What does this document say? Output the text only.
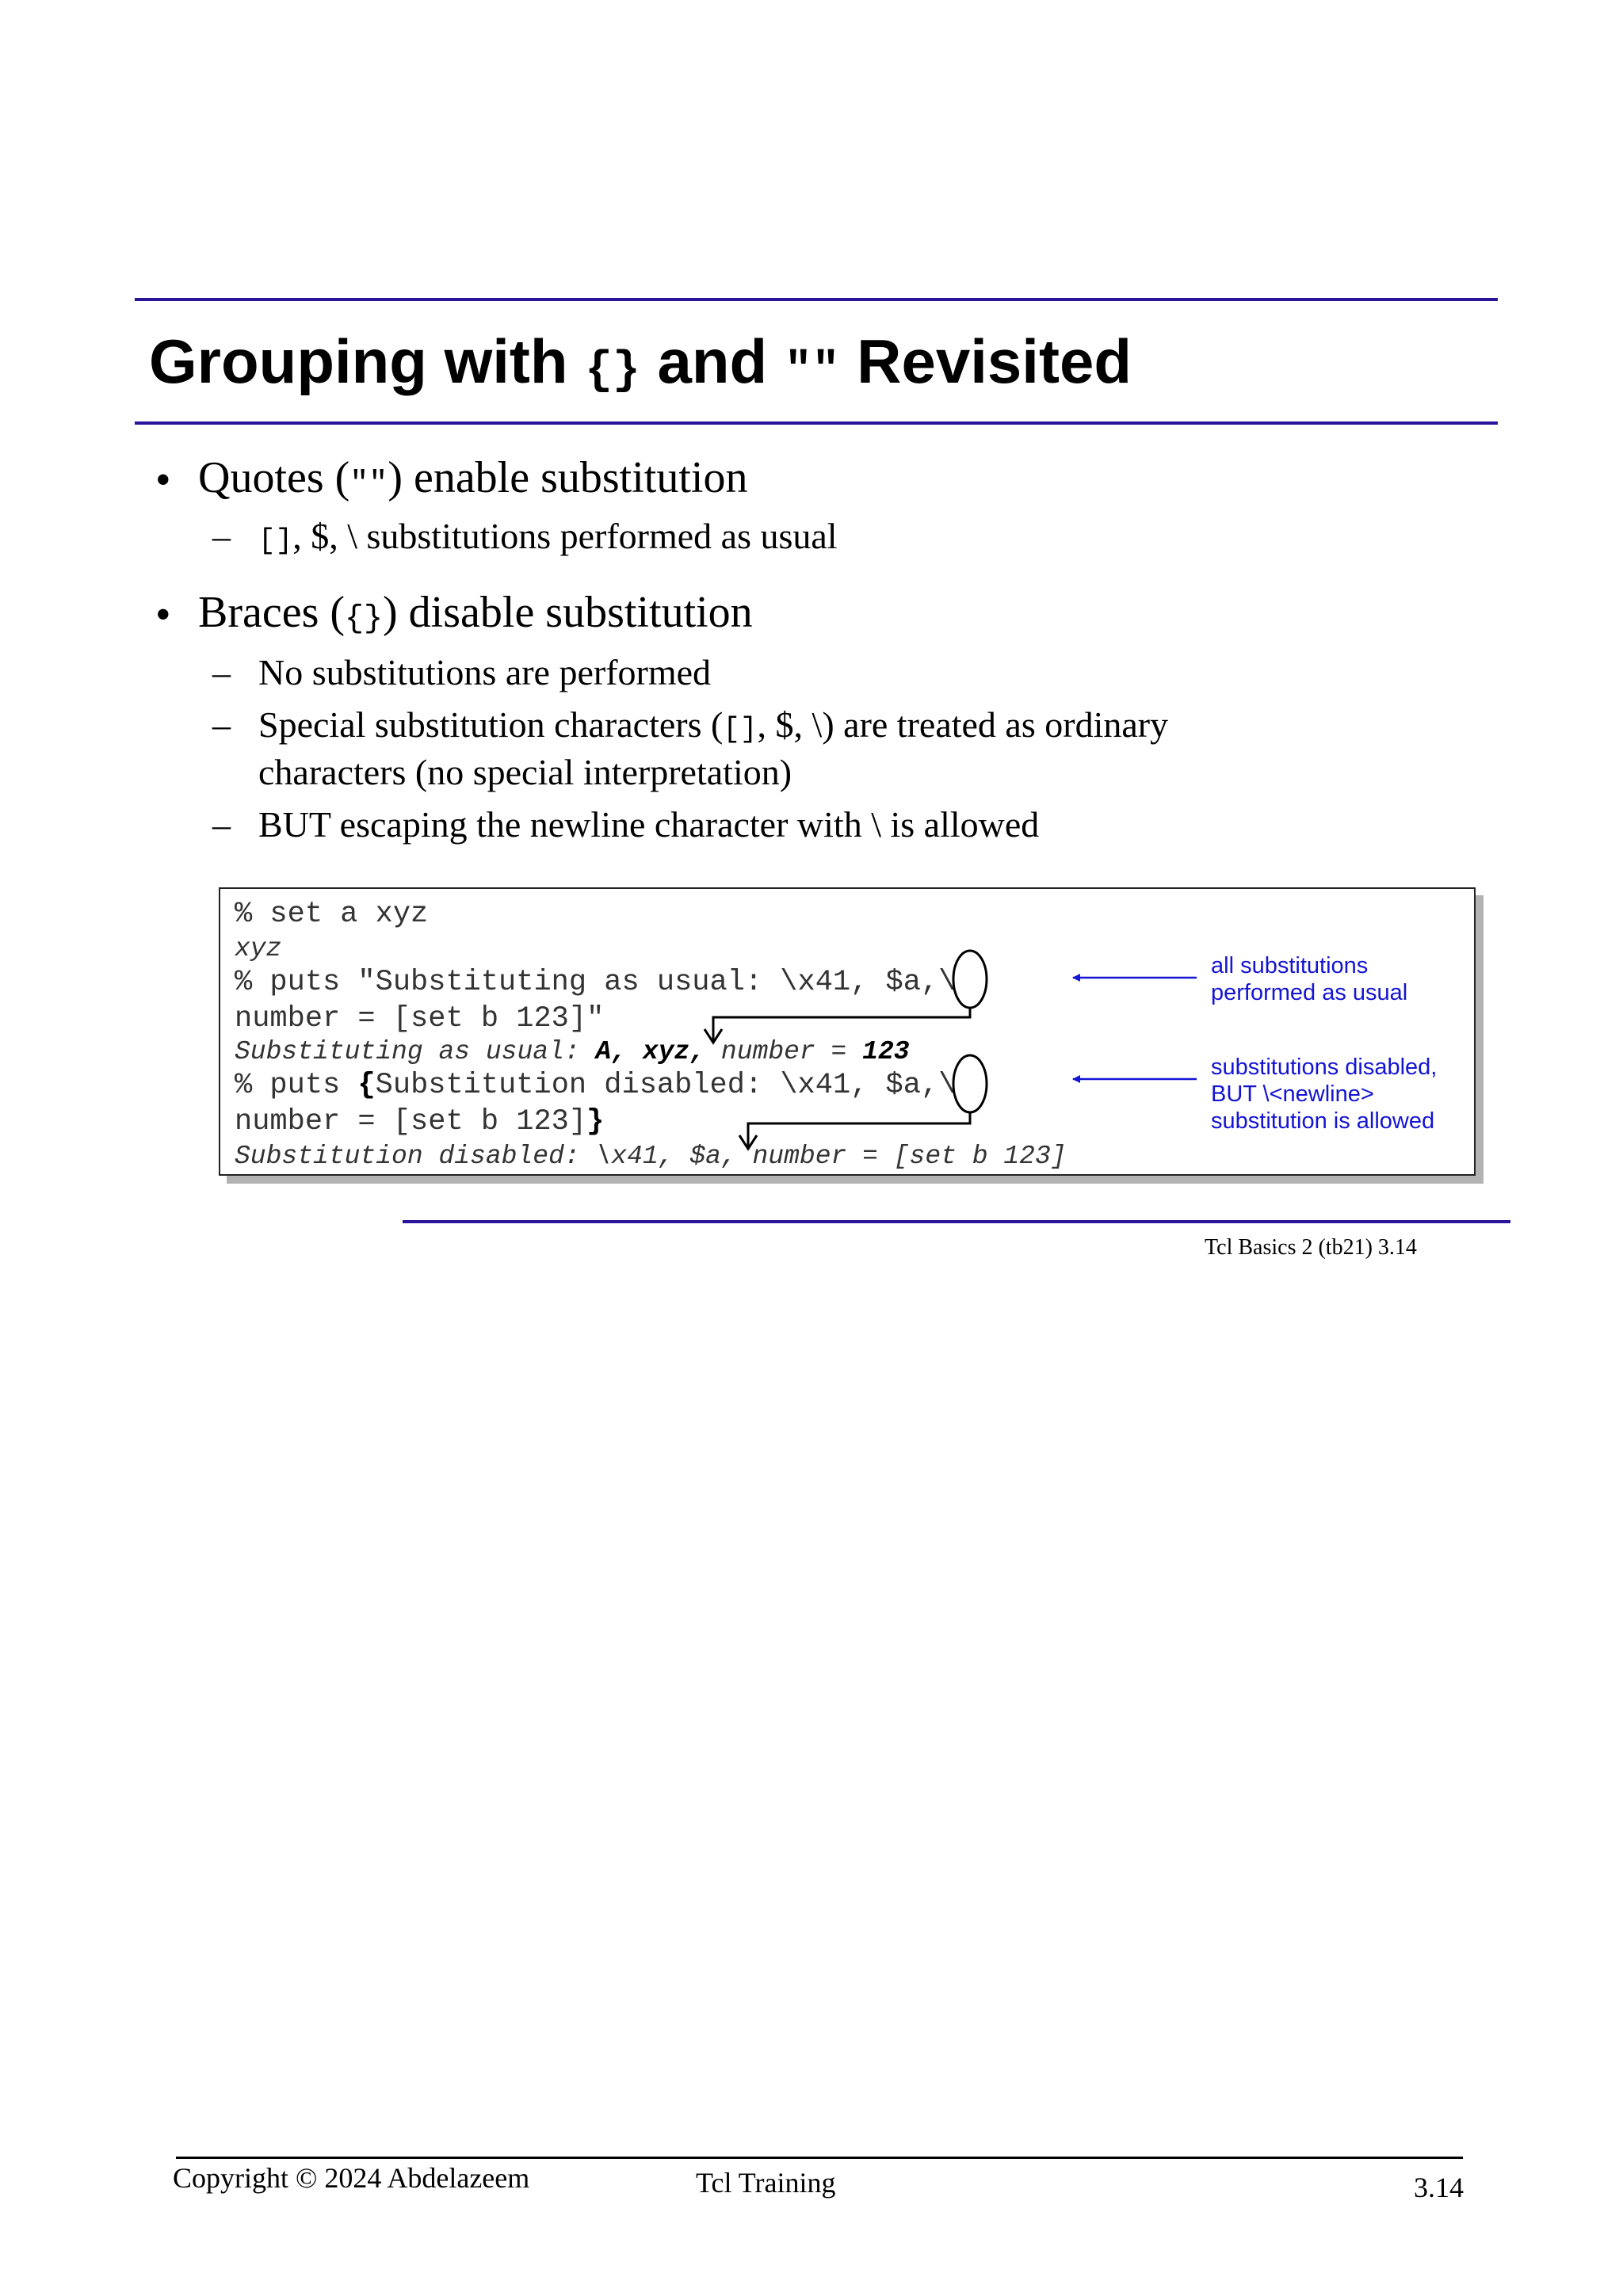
Grouping with {} and "" Revisited
• Quotes ("") enable substitution
– [], $, \ substitutions performed as usual
• Braces ({}) disable substitution
– No substitutions are performed
– Special substitution characters ([], $, \) are treated as ordinary
characters (no special interpretation)
– BUT escaping the newline character with \ is allowed
% set a xyz
xyz
% puts "Substituting as usual: \x41, $a,\
number = [set b 123]"
Substituting as usual: A, xyz, number = 123
% puts {Substitution disabled: \x41, $a,\
number = [set b 123]}
Substitution disabled: \x41, $a, number = [set b 123]
all substitutions
performed as usual
substitutions disabled,
BUT \<newline>
substitution is allowed
Tcl Basics 2 (tb21) 3.14
Copyright © 2024 Abdelazeem	Tcl Training	3.14
